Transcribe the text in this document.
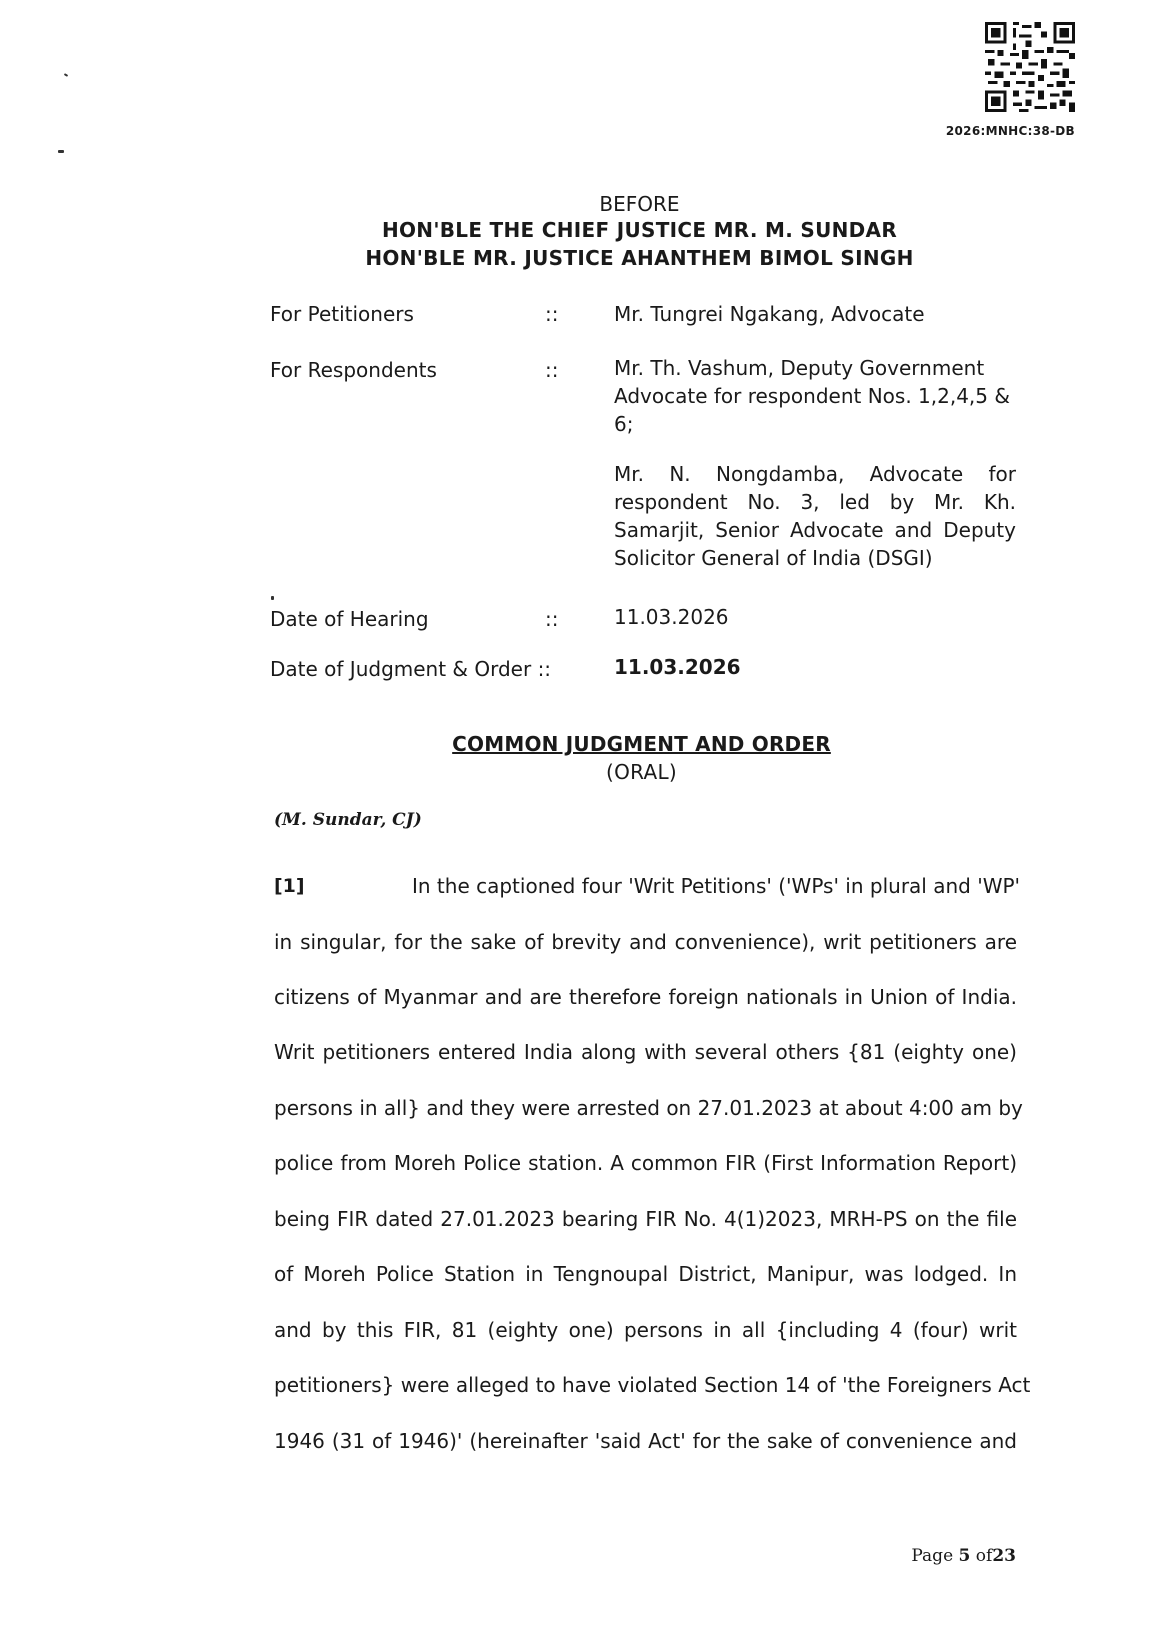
2026:MNHC:38-DB
BEFORE
HON'BLE THE CHIEF JUSTICE MR. M. SUNDAR
HON'BLE MR. JUSTICE AHANTHEM BIMOL SINGH
For Petitioners	::	Mr. Tungrei Ngakang, Advocate
For Respondents	::	Mr. Th. Vashum, Deputy Government Advocate for respondent Nos. 1,2,4,5 & 6;
Mr. N. Nongdamba, Advocate for respondent No. 3, led by Mr. Kh. Samarjit, Senior Advocate and Deputy Solicitor General of India (DSGI)
Date of Hearing	::	11.03.2026
Date of Judgment & Order ::	11.03.2026
COMMON JUDGMENT AND ORDER
(ORAL)
(M. Sundar, CJ)
[1]	In the captioned four 'Writ Petitions' ('WPs' in plural and 'WP'
in singular, for the sake of brevity and convenience), writ petitioners are
citizens of Myanmar and are therefore foreign nationals in Union of India.
Writ petitioners entered India along with several others {81 (eighty one)
persons in all} and they were arrested on 27.01.2023 at about 4:00 am by
police from Moreh Police station. A common FIR (First Information Report)
being FIR dated 27.01.2023 bearing FIR No. 4(1)2023, MRH-PS on the file
of Moreh Police Station in Tengnoupal District, Manipur, was lodged. In
and by this FIR, 81 (eighty one) persons in all {including 4 (four) writ
petitioners} were alleged to have violated Section 14 of 'the Foreigners Act
1946 (31 of 1946)' (hereinafter 'said Act' for the sake of convenience and
Page 5 of23
